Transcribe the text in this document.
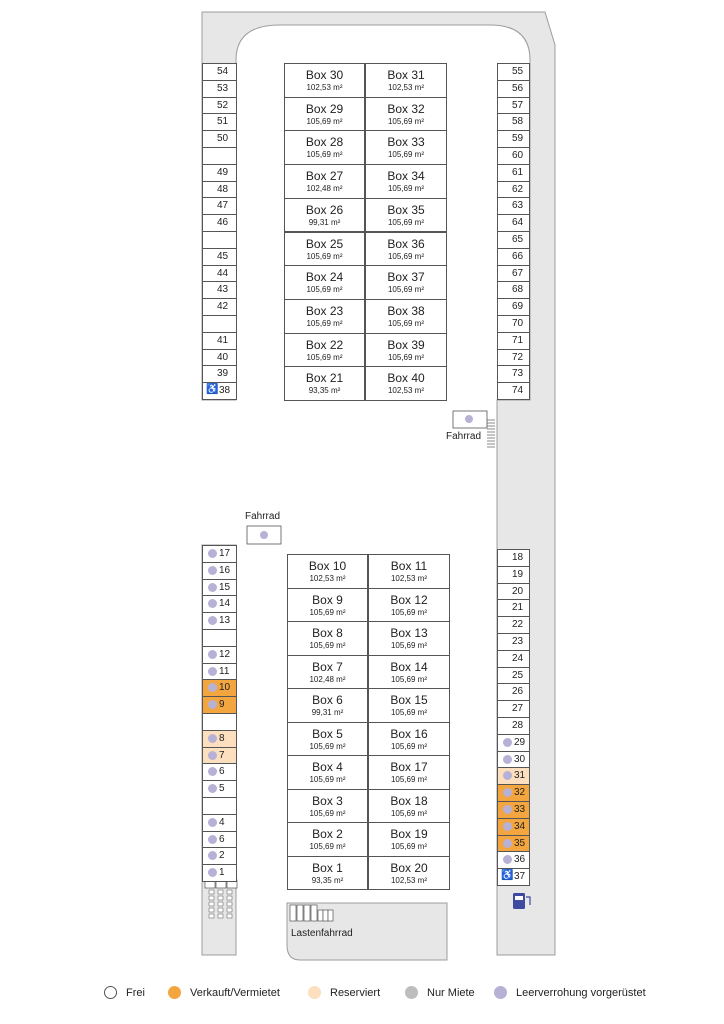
54
53
52
51
50
49
48
47
46
45
44
43
42
41
40
39
♿ 38
55
56
57
58
59
60
61
62
63
64
65
66
67
68
69
70
71
72
73
74
17
16
15
14
13
12
11
10
9
8
7
6
5
4
6
2
1
18
19
20
21
22
23
24
25
26
27
28
29
30
31
32
33
34
35
36
♿ 37
Box 30
102,53 m²
Box 31
102,53 m²
Box 29
105,69 m²
Box 32
105,69 m²
Box 28
105,69 m²
Box 33
105,69 m²
Box 27
102,48 m²
Box 34
105,69 m²
Box 26
99,31 m²
Box 35
105,69 m²
Box 25
105,69 m²
Box 36
105,69 m²
Box 24
105,69 m²
Box 37
105,69 m²
Box 23
105,69 m²
Box 38
105,69 m²
Box 22
105,69 m²
Box 39
105,69 m²
Box 21
93,35 m²
Box 40
102,53 m²
Box 10
102,53 m²
Box 11
102,53 m²
Box 9
105,69 m²
Box 12
105,69 m²
Box 8
105,69 m²
Box 13
105,69 m²
Box 7
102,48 m²
Box 14
105,69 m²
Box 6
99,31 m²
Box 15
105,69 m²
Box 5
105,69 m²
Box 16
105,69 m²
Box 4
105,69 m²
Box 17
105,69 m²
Box 3
105,69 m²
Box 18
105,69 m²
Box 2
105,69 m²
Box 19
105,69 m²
Box 1
93,35 m²
Box 20
102,53 m²
Fahrrad
Fahrrad
Lastenfahrrad
Frei	Verkauft/Vermietet	Reserviert	Nur Miete	Leerverrohung vorgerüstet
